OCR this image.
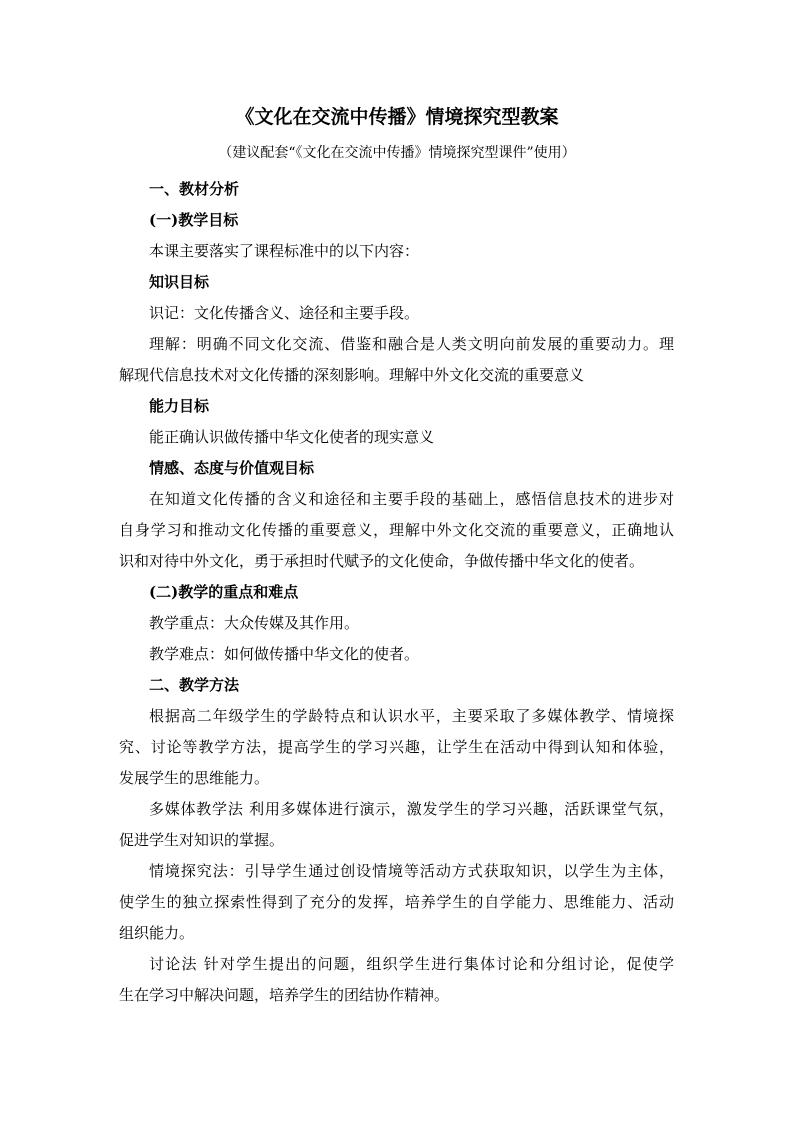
《文化在交流中传播》情境探究型教案
（建议配套“《文化在交流中传播》情境探究型课件”使用）
一、教材分析
(一)教学目标
本课主要落实了课程标准中的以下内容：
知识目标
识记：文化传播含义、途径和主要手段。
理解：明确不同文化交流、借鉴和融合是人类文明向前发展的重要动力。理
解现代信息技术对文化传播的深刻影响。理解中外文化交流的重要意义
能力目标
能正确认识做传播中华文化使者的现实意义
情感、态度与价值观目标
在知道文化传播的含义和途径和主要手段的基础上，感悟信息技术的进步对
自身学习和推动文化传播的重要意义，理解中外文化交流的重要意义，正确地认
识和对待中外文化，勇于承担时代赋予的文化使命，争做传播中华文化的使者。
(二)教学的重点和难点
教学重点：大众传媒及其作用。
教学难点：如何做传播中华文化的使者。
二、教学方法
根据高二年级学生的学龄特点和认识水平，主要采取了多媒体教学、情境探
究、讨论等教学方法，提高学生的学习兴趣，让学生在活动中得到认知和体验，
发展学生的思维能力。
多媒体教学法 利用多媒体进行演示，激发学生的学习兴趣，活跃课堂气氛，
促进学生对知识的掌握。
情境探究法：引导学生通过创设情境等活动方式获取知识，以学生为主体，
使学生的独立探索性得到了充分的发挥，培养学生的自学能力、思维能力、活动
组织能力。
讨论法 针对学生提出的问题，组织学生进行集体讨论和分组讨论，促使学
生在学习中解决问题，培养学生的团结协作精神。
